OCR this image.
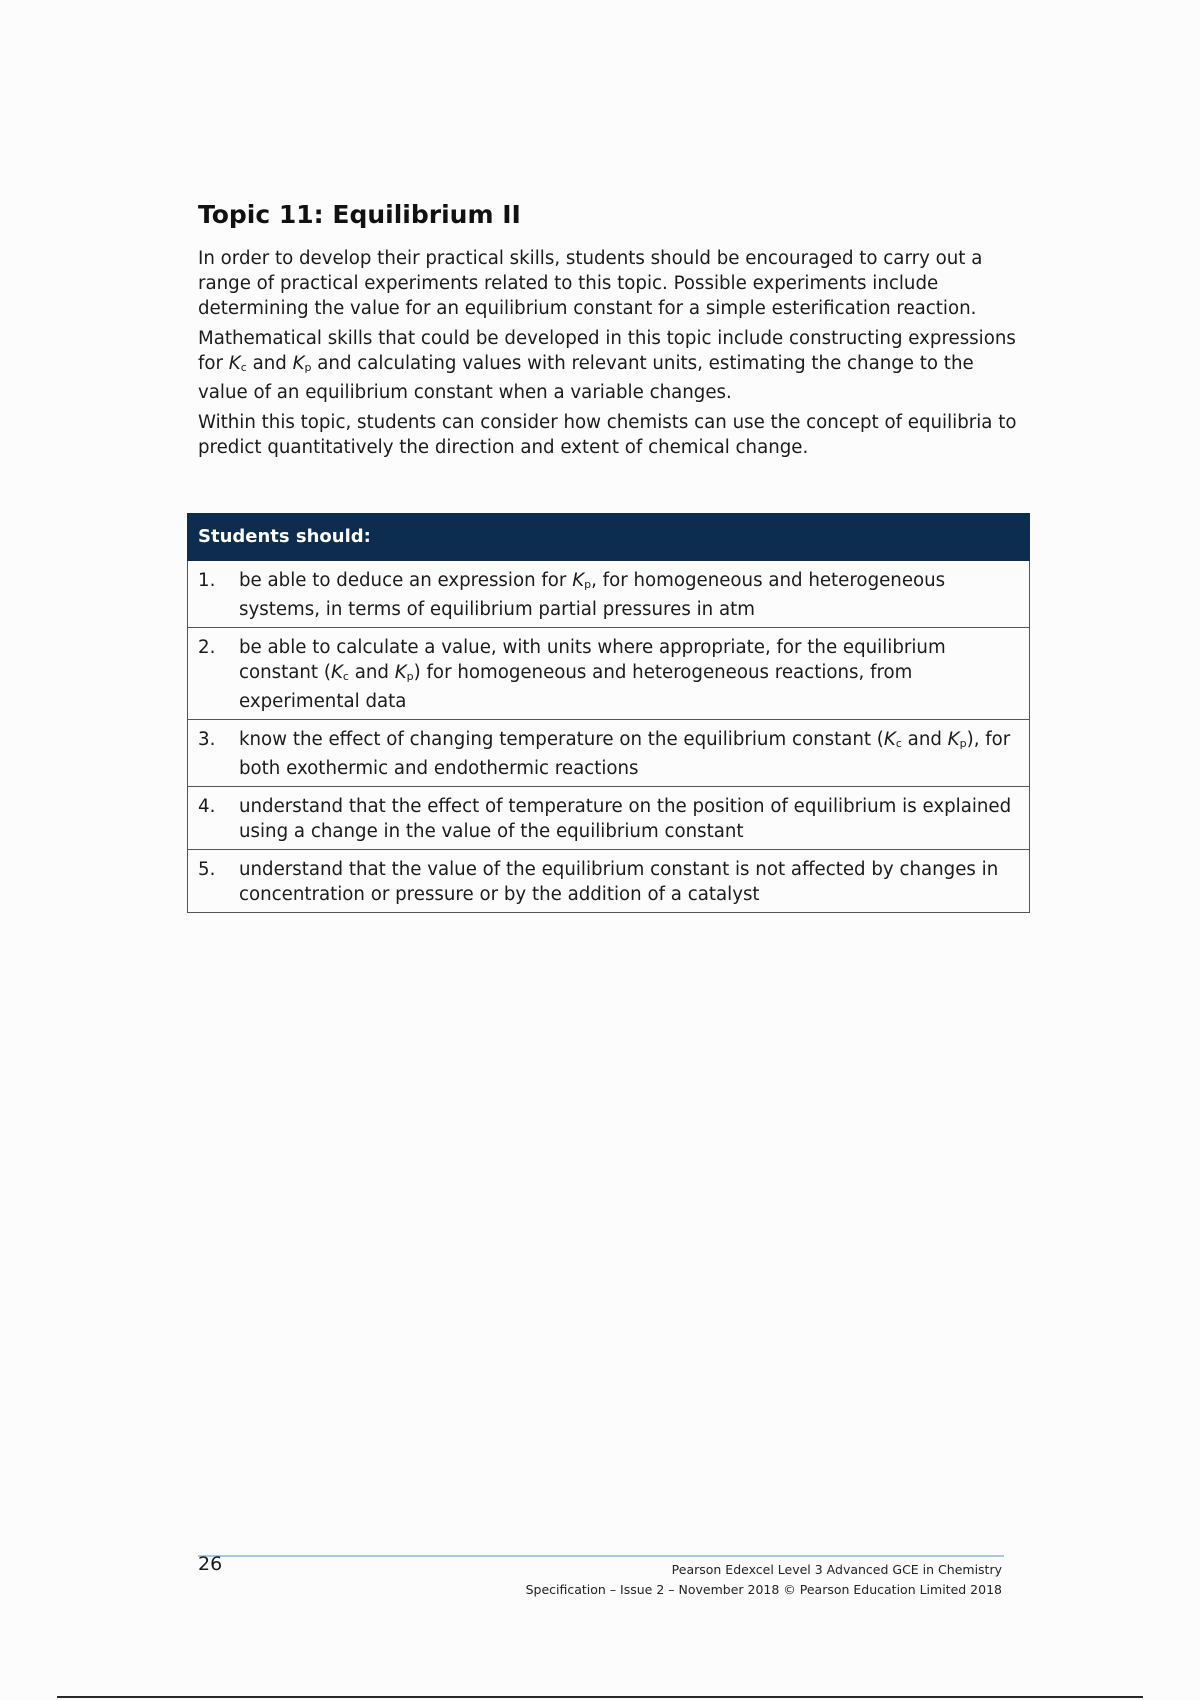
Topic 11: Equilibrium II

In order to develop their practical skills, students should be encouraged to carry out a range of practical experiments related to this topic. Possible experiments include determining the value for an equilibrium constant for a simple esterification reaction.

Mathematical skills that could be developed in this topic include constructing expressions for Kc and Kp and calculating values with relevant units, estimating the change to the value of an equilibrium constant when a variable changes.

Within this topic, students can consider how chemists can use the concept of equilibria to predict quantitatively the direction and extent of chemical change.

Students should:

1.	be able to deduce an expression for Kp, for homogeneous and heterogeneous systems, in terms of equilibrium partial pressures in atm

2.	be able to calculate a value, with units where appropriate, for the equilibrium constant (Kc and Kp) for homogeneous and heterogeneous reactions, from experimental data

3.	know the effect of changing temperature on the equilibrium constant (Kc and Kp), for both exothermic and endothermic reactions

4.	understand that the effect of temperature on the position of equilibrium is explained using a change in the value of the equilibrium constant

5.	understand that the value of the equilibrium constant is not affected by changes in concentration or pressure or by the addition of a catalyst
26	Pearson Edexcel Level 3 Advanced GCE in Chemistry
Specification – Issue 2 – November 2018 © Pearson Education Limited 2018
